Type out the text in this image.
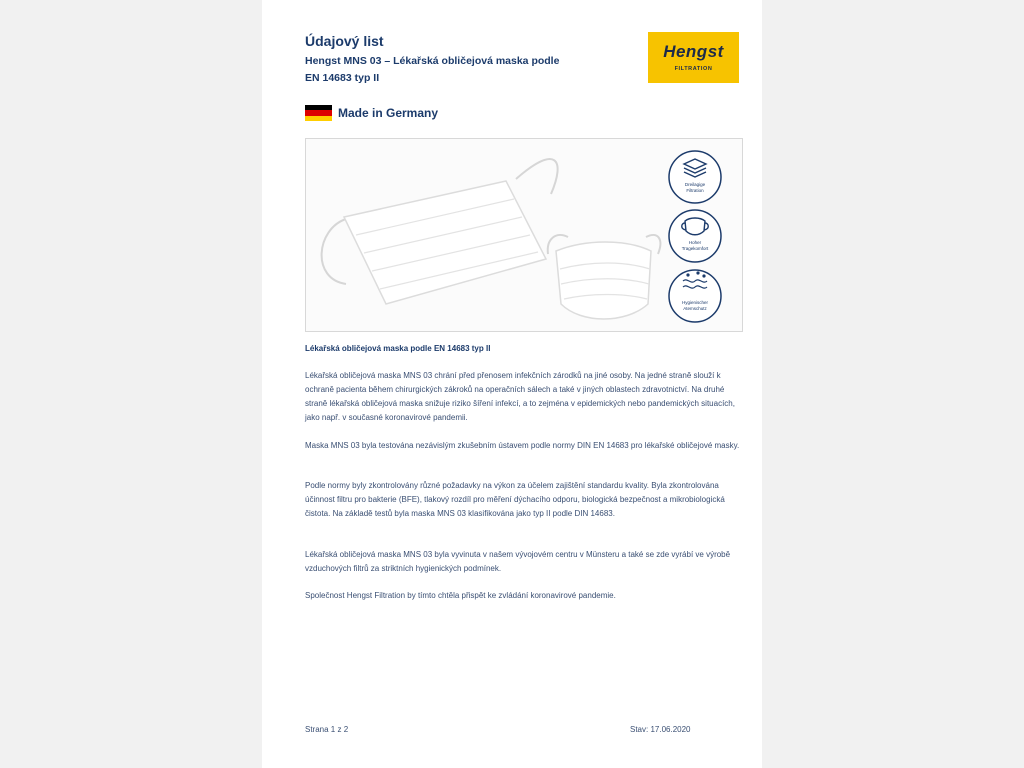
Údajový list

Hengst MNS 03 – Lékařská obličejová maska podle EN 14683 typ II

Hengst
FILTRATION
Made in Germany
Dreilagige
Filtration
Hoher
Tragekomfort
Hygienischer
Atemschutz
Lékařská obličejová maska podle EN 14683 typ II

Lékařská obličejová maska MNS 03 chrání před přenosem infekčních zárodků na jiné osoby. Na jedné straně slouží k ochraně pacienta během chirurgických zákroků na operačních sálech a také v jiných oblastech zdravotnictví. Na druhé straně lékařská obličejová maska snižuje riziko šíření infekcí, a to zejména v epidemických nebo pandemických situacích, jako např. v současné koronavirové pandemii.

Maska MNS 03 byla testována nezávislým zkušebním ústavem podle normy DIN EN 14683 pro lékařské obličejové masky.

Podle normy byly zkontrolovány různé požadavky na výkon za účelem zajištění standardu kvality. Byla zkontrolována účinnost filtru pro bakterie (BFE), tlakový rozdíl pro měření dýchacího odporu, biologická bezpečnost a mikrobiologická čistota. Na základě testů byla maska MNS 03 klasifikována jako typ II podle DIN 14683.

Lékařská obličejová maska MNS 03 byla vyvinuta v našem vývojovém centru v Münsteru a také se zde vyrábí ve výrobě vzduchových filtrů za striktních hygienických podmínek.

Společnost Hengst Filtration by tímto chtěla přispět ke zvládání koronavirové pandemie.

Strana 1 z 2	Stav: 17.06.2020
